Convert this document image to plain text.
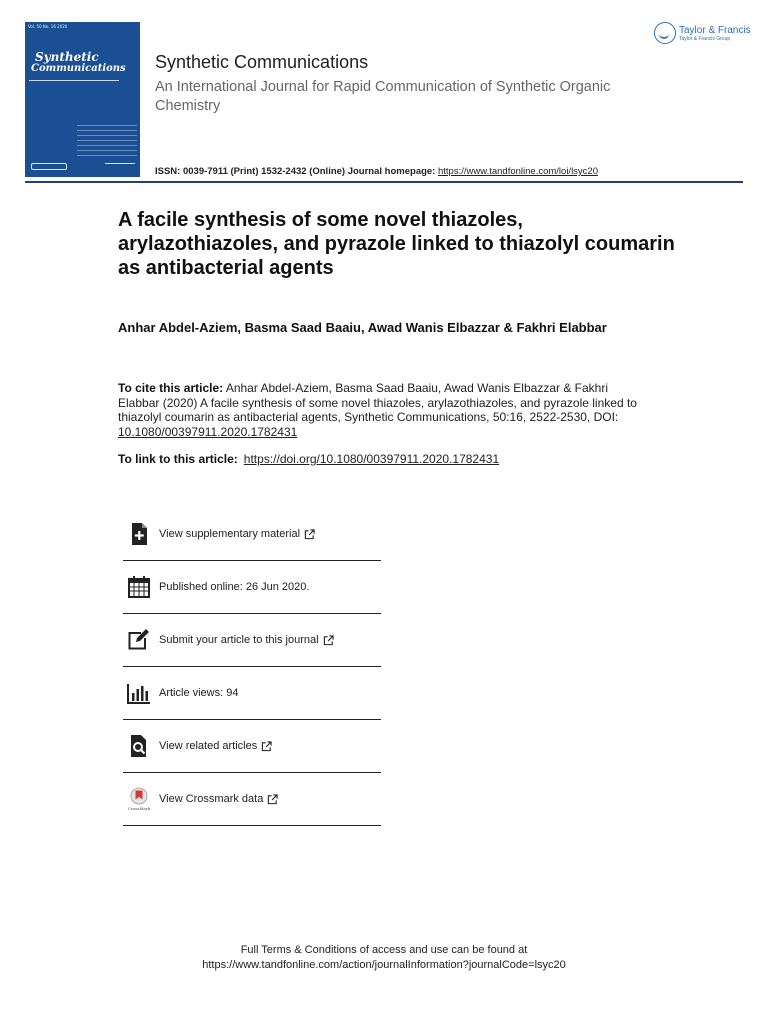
Vol. 50 No. 16 2020
Synthetic
Communications Synthetic Communications
An International Journal for Rapid Communication of Synthetic Organic Chemistry
Taylor & Francis
Taylor & Francis Group
ISSN: 0039-7911 (Print) 1532-2432 (Online) Journal homepage: https://www.tandfonline.com/loi/lsyc20
A facile synthesis of some novel thiazoles, arylazothiazoles, and pyrazole linked to thiazolyl coumarin as antibacterial agents
Anhar Abdel-Aziem, Basma Saad Baaiu, Awad Wanis Elbazzar & Fakhri Elabbar
To cite this article: Anhar Abdel-Aziem, Basma Saad Baaiu, Awad Wanis Elbazzar & Fakhri Elabbar (2020) A facile synthesis of some novel thiazoles, arylazothiazoles, and pyrazole linked to thiazolyl coumarin as antibacterial agents, Synthetic Communications, 50:16, 2522-2530, DOI: 10.1080/00397911.2020.1782431
To link to this article: https://doi.org/10.1080/00397911.2020.1782431
View supplementary material
Published online: 26 Jun 2020.
Submit your article to this journal
Article views: 94
View related articles
CrossMark
View Crossmark data
Full Terms & Conditions of access and use can be found at
https://www.tandfonline.com/action/journalInformation?journalCode=lsyc20
